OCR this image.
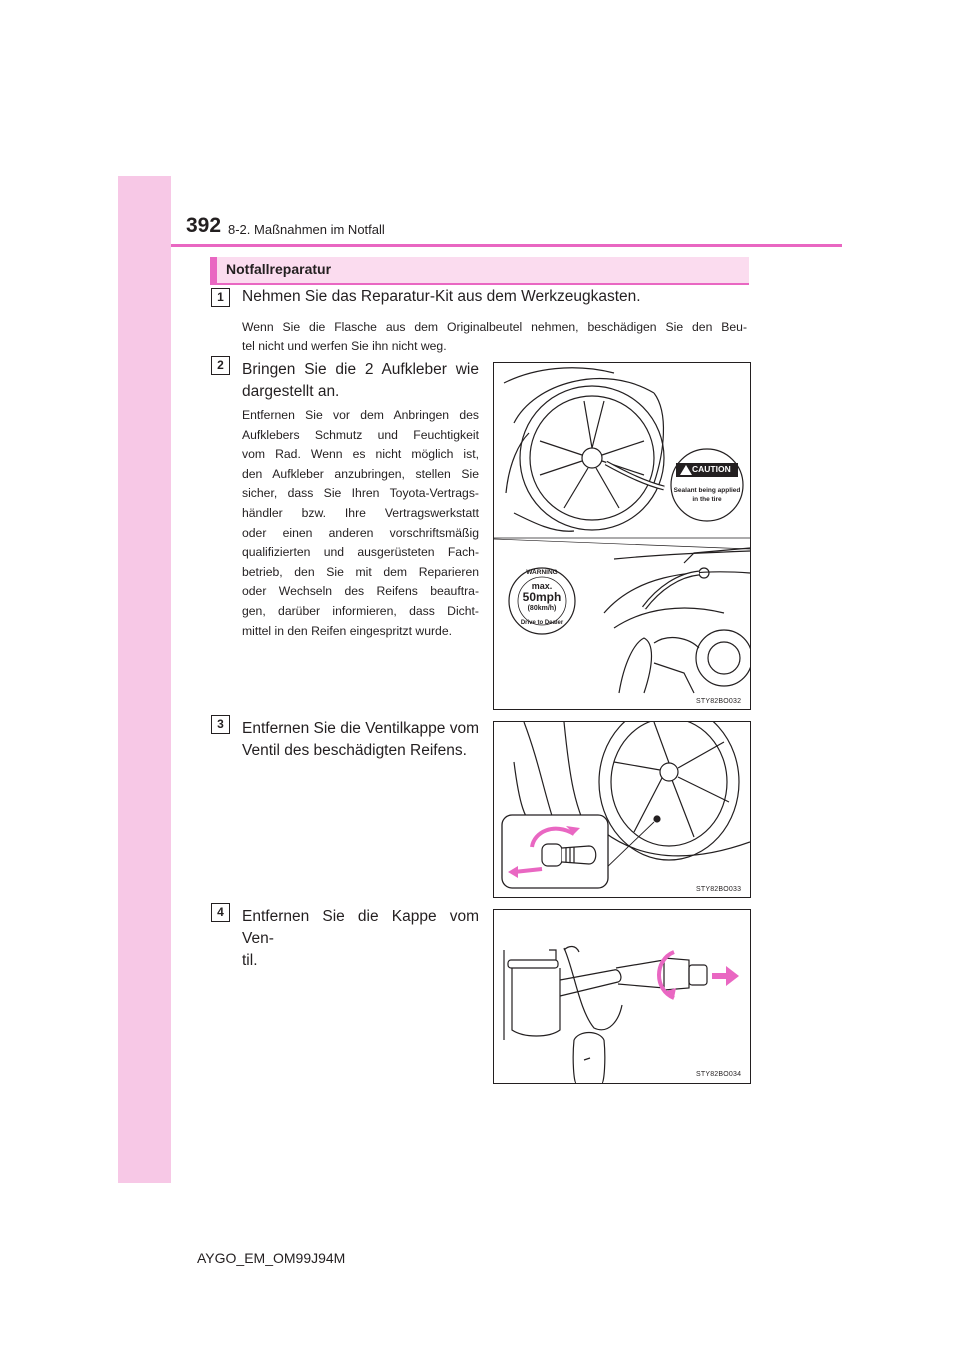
392 8-2. Maßnahmen im Notfall
Notfallreparatur
1	Nehmen Sie das Reparatur-Kit aus dem Werkzeugkasten.
Wenn Sie die Flasche aus dem Originalbeutel nehmen, beschädigen Sie den Beu-
tel nicht und werfen Sie ihn nicht weg.
2	Bringen Sie die 2 Aufkleber wie
dargestellt an.
Entfernen Sie vor dem Anbringen des
Aufklebers Schmutz und Feuchtigkeit
vom Rad. Wenn es nicht möglich ist,
den Aufkleber anzubringen, stellen Sie
sicher, dass Sie Ihren Toyota-Vertrags-
händler bzw. Ihre Vertragswerkstatt
oder einen anderen vorschriftsmäßig
qualifizierten und ausgerüsteten Fach-
betrieb, den Sie mit dem Reparieren
oder Wechseln des Reifens beauftra-
gen, darüber informieren, dass Dicht-
mittel in den Reifen eingespritzt wurde.
CAUTION
Sealant being applied
in the tire
WARNING
max.
50mph
(80km/h)
Drive to Dealer
STY82BO032
3	Entfernen Sie die Ventilkappe vom
Ventil des beschädigten Reifens.
STY82BO033
4	Entfernen Sie die Kappe vom Ven-
til.
STY82BO034
AYGO_EM_OM99J94M
